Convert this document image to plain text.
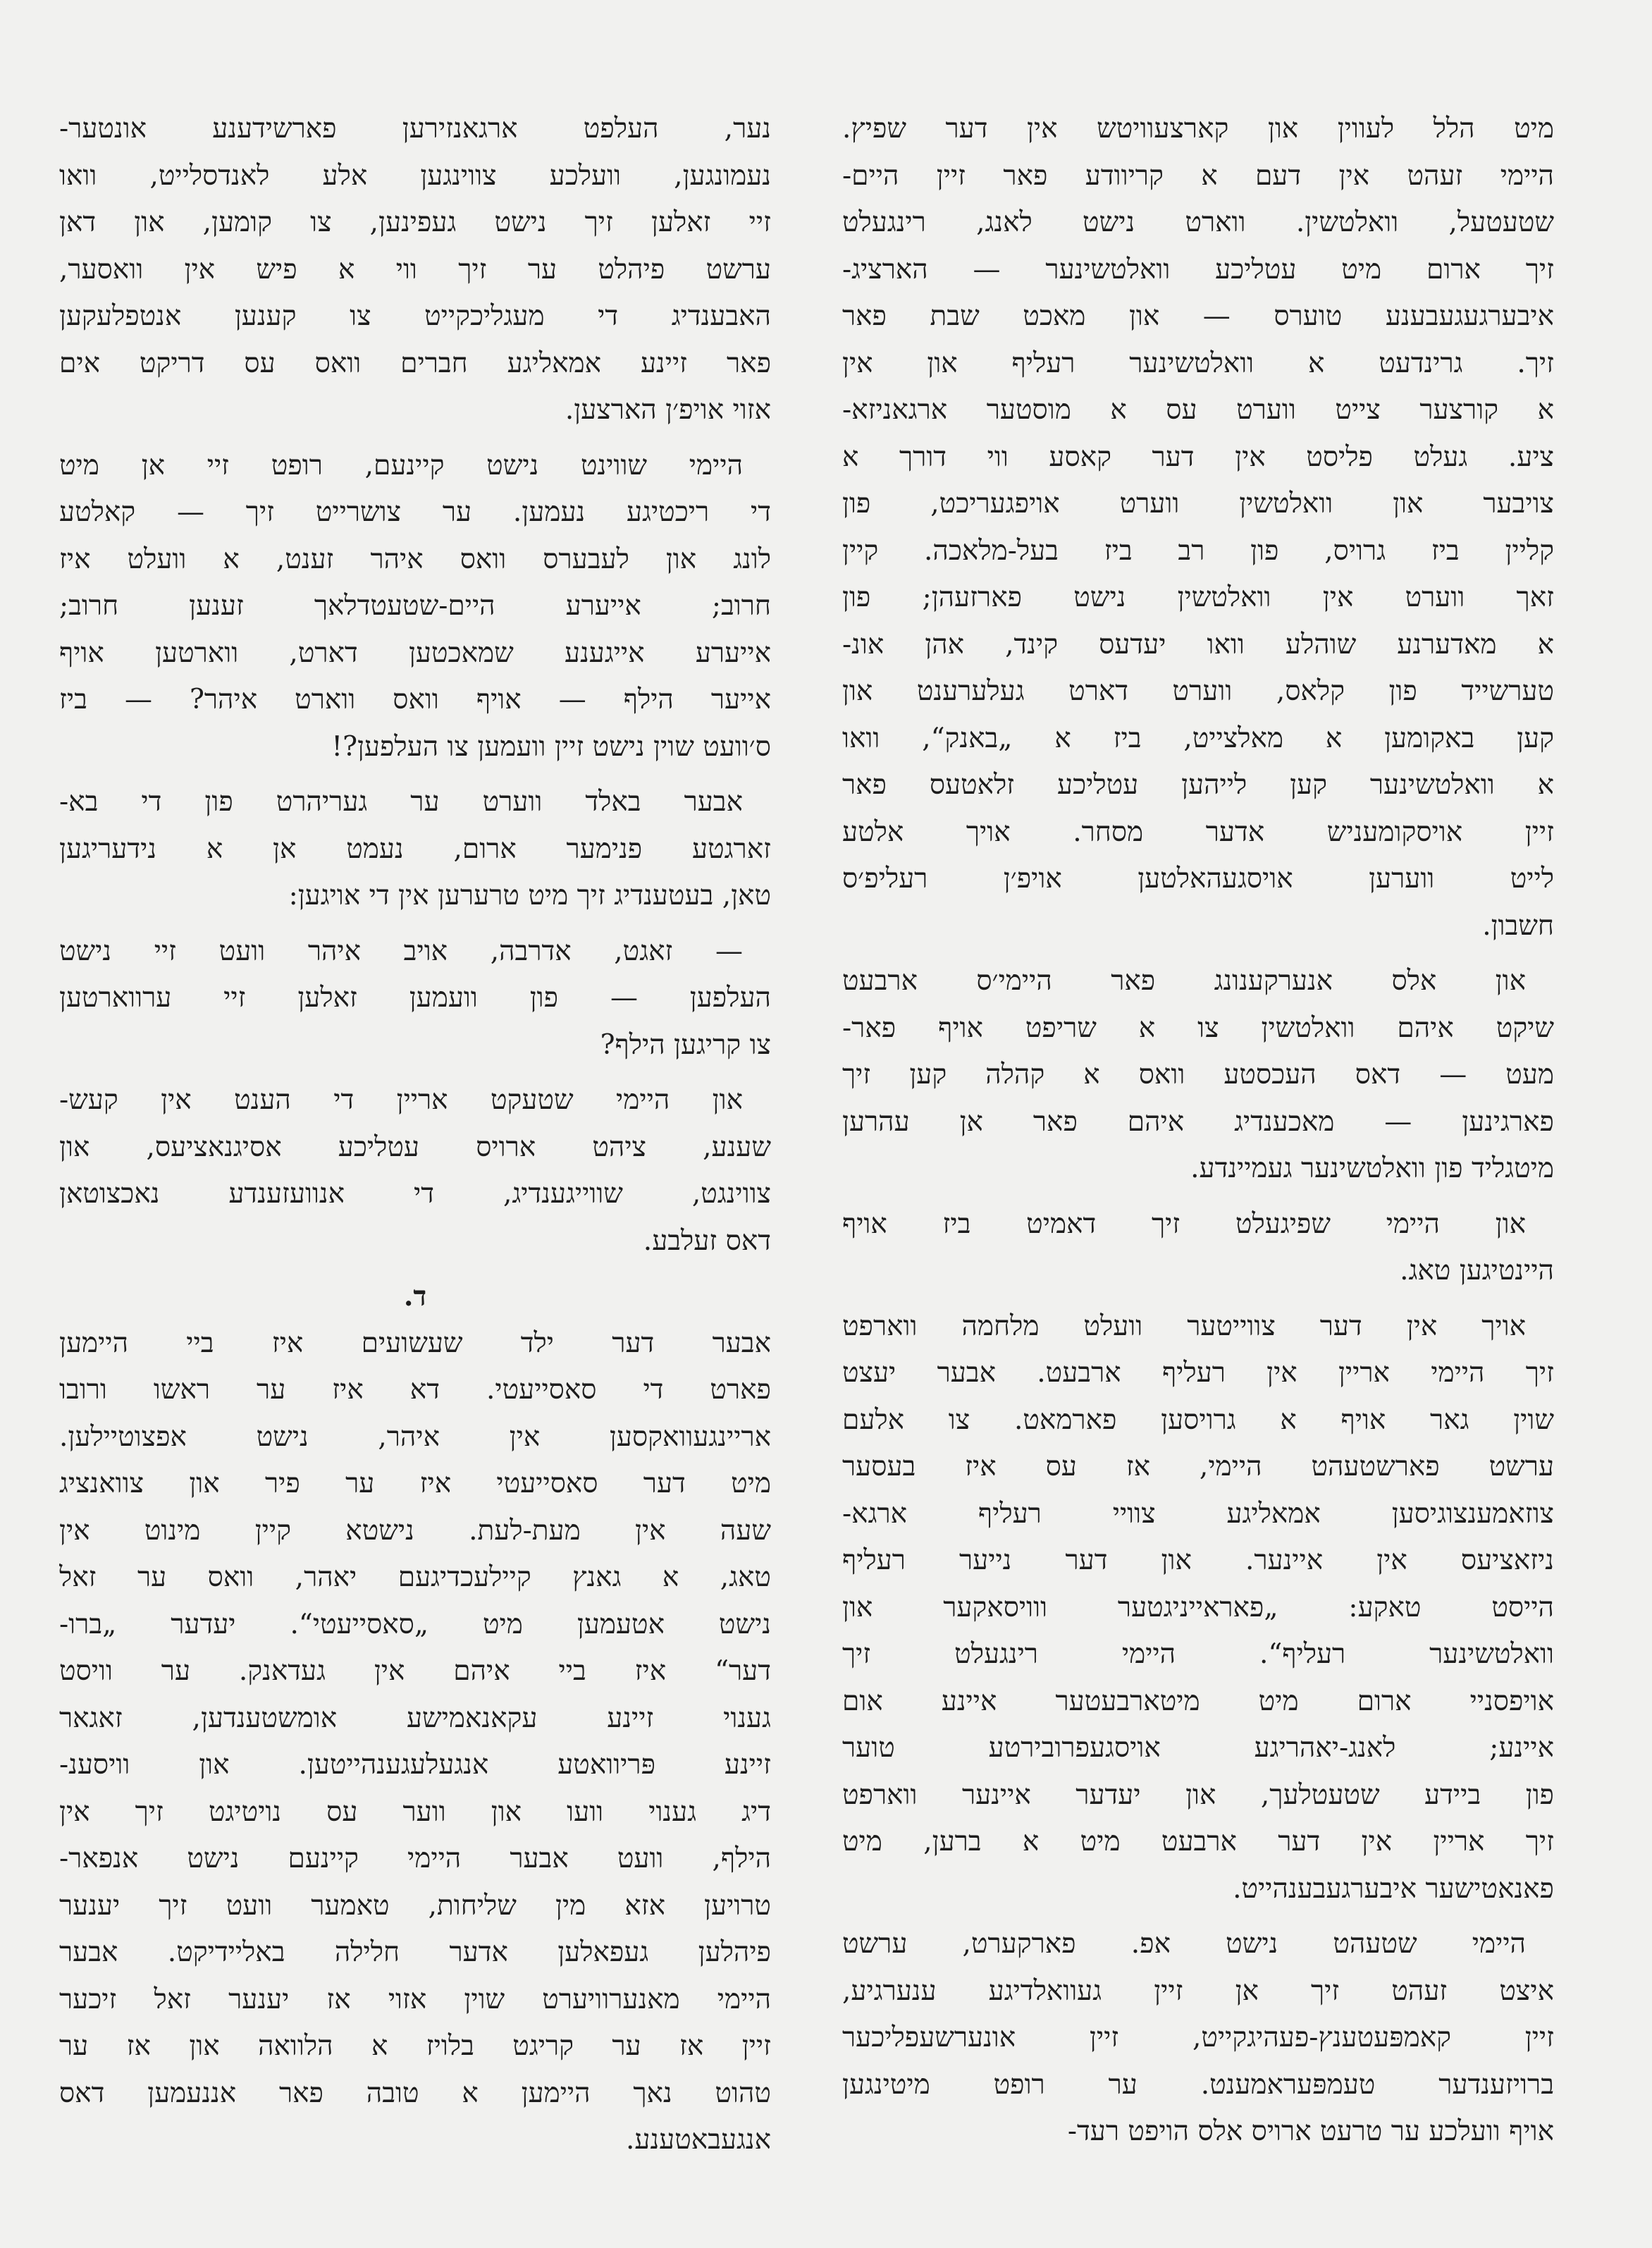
מיט הלל לעווין און קארצעוויטש אין דער שפיץ.
היימי זעהט אין דעם א קריוודע פאר זיין היים-
שטעטעל, וואלטשין. ווארט נישט לאנג, רינגעלט
זיך ארום מיט עטליכע וואלטשינער — הארציג-
איבערגעגעבענע טוערס — און מאכט שבת פאר
זיך. גרינדעט א וואלטשינער רעליף און אין
א קורצער צייט ווערט עס א מוסטער ארגאניזא-
ציע. געלט פליסט אין דער קאסע ווי דורך א
צויבער און וואלטשין ווערט אויפגעריכט, פון
קליין ביז גרויס, פון רב ביז בעל-מלאכה. קיין
זאך ווערט אין וואלטשין נישט פארזעהן; פון
א מאדערנע שוהלע וואו יעדעס קינד, אהן אונ-
טערשייד פון קלאס, ווערט דארט געלערענט און
קען באקומען א מאלצייט, ביז א „באנק“, וואו
א וואלטשינער קען לייהען עטליכע זלאטעס פאר
זיין אויסקומעניש אדער מסחר. אויך אלטע
לייט ווערען אויסגעהאלטען אויפ׳ן רעליפ׳ס
חשבון.
און אלס אנערקענונג פאר היימי׳ס ארבעט
שיקט איהם וואלטשין צו א שריפט אויף פאר-
מעט — דאס העכסטע וואס א קהלה קען זיך
פארגינען — מאכענדיג איהם פאר אן עהרען
מיטגליד פון וואלטשינער געמיינדע.
און היימי שפיגעלט זיך דאמיט ביז אויף
היינטיגען טאג.
אויך אין דער צווייטער וועלט מלחמה ווארפט
זיך היימי אריין אין רעליף ארבעט. אבער יעצט
שוין גאר אויף א גרויסען פארמאט. צו אלעם
ערשט פארשטעהט היימי, אז עס איז בעסער
צוזאמענצוגיסען אמאליגע צוויי רעליף ארגא-
ניזאציעס אין איינער. און דער נייער רעליף
הייסט טאקע: „פאראייניגטער ווויסאקער און
וואלטשינער רעליף“. היימי רינגעלט זיך
אויפסניי ארום מיט מיטארבעטער איינע אום
איינע; לאנג-יאהריגע אויסגעפרובירטע טוער
פון ביידע שטעטלעך, און יעדער איינער ווארפט
זיך אריין אין דער ארבעט מיט א ברען, מיט
פאנאטישער איבערגעבענהייט.
היימי שטעהט נישט אפ. פארקערט, ערשט
איצט זעהט זיך אן זיין געוואלדיגע ענערגיע,
זיין קאמפּעטענץ-פעהיגקייט, זיין אונערשעפליכער
ברויזענדער טעמפּעראמענט. ער רופט מיטינגען
אויף וועלכע ער טרעט ארויס אלס הויפט רעד-
נער, העלפט ארגאנזירען פארשידענע אונטער-
נעמונגען, וועלכע צווינגען אלע לאנדסלייט, וואו
זיי זאלען זיך נישט געפינען, צו קומען, און דאן
ערשט פיהלט ער זיך ווי א פיש אין וואסער,
האבענדיג די מעגליכקייט צו קענען אנטפלעקען
פאר זיינע אמאליגע חברים וואס עס דריקט אים
אזוי אויפ׳ן הארצען.
היימי שווינט נישט קיינעם, רופט זיי אן מיט
די ריכטיגע נעמען. ער צושרייט זיך — קאלטע
לונג און לעבערס וואס איהר זענט, א וועלט איז
חרוב; אייערע היים-שטעטדלאך זענען חרוב;
אייערע אייגענע שמאכטען דארט, ווארטען אויף
אייער הילף — אויף וואס ווארט איהר? — ביז
ס׳וועט שוין נישט זיין וועמען צו העלפען?!
אבער באלד ווערט ער געריהרט פון די בא-
זארגטע פנימער ארום, נעמט אן א נידעריגען
טאן, בעטענדיג זיך מיט טרערען אין די אויגען:
— זאגט, אדרבה, אויב איהר וועט זיי נישט
העלפען — פון וועמען זאלען זיי ערווארטען
צו קריגען הילף?
און היימי שטעקט אריין די הענט אין קעש-
שענע, ציהט ארויס עטליכע אסיגנאציעס, און
צווינגט, שווייגענדיג, די אנוועזענדע נאכצוטאן
דאס זעלבע.
ד.
אבער דער ילד שעשועים איז ביי היימען
פארט די סאסייעטי. דא איז ער ראשו ורובו
אריינגעוואקסען אין איהר, נישט אפצוטיילען.
מיט דער סאסייעטי איז ער פיר און צוואנציג
שעה אין מעת-לעת. נישטא קיין מינוט אין
טאג, א גאנץ קיילעכדיגעם יאהר, וואס ער זאל
נישט אטעמען מיט „סאסייעטי“. יעדער „ברו-
דער“ איז ביי איהם אין געדאנק. ער וויסט
גענוי זיינע עקאנאמישע אומשטענדען, זאגאר
זיינע פּריוואטע אנגעלעגענהייטען. און וויסענ-
דיג גענוי וועו און ווער עס נויטיגט זיך אין
הילף, וועט אבער היימי קיינעם נישט אנפאר-
טרויען אזא מין שליחות, טאמער וועט זיך יענער
פיהלען געפאלען אדער חלילה באליידיקט. אבער
היימי מאנערוויערט שוין אזוי אז יענער זאל זיכער
זיין אז ער קריגט בלויז א הלוואה און אז ער
טהוט נאך היימען א טובה פאר אננעמען דאס
אנגעבאטענע.
